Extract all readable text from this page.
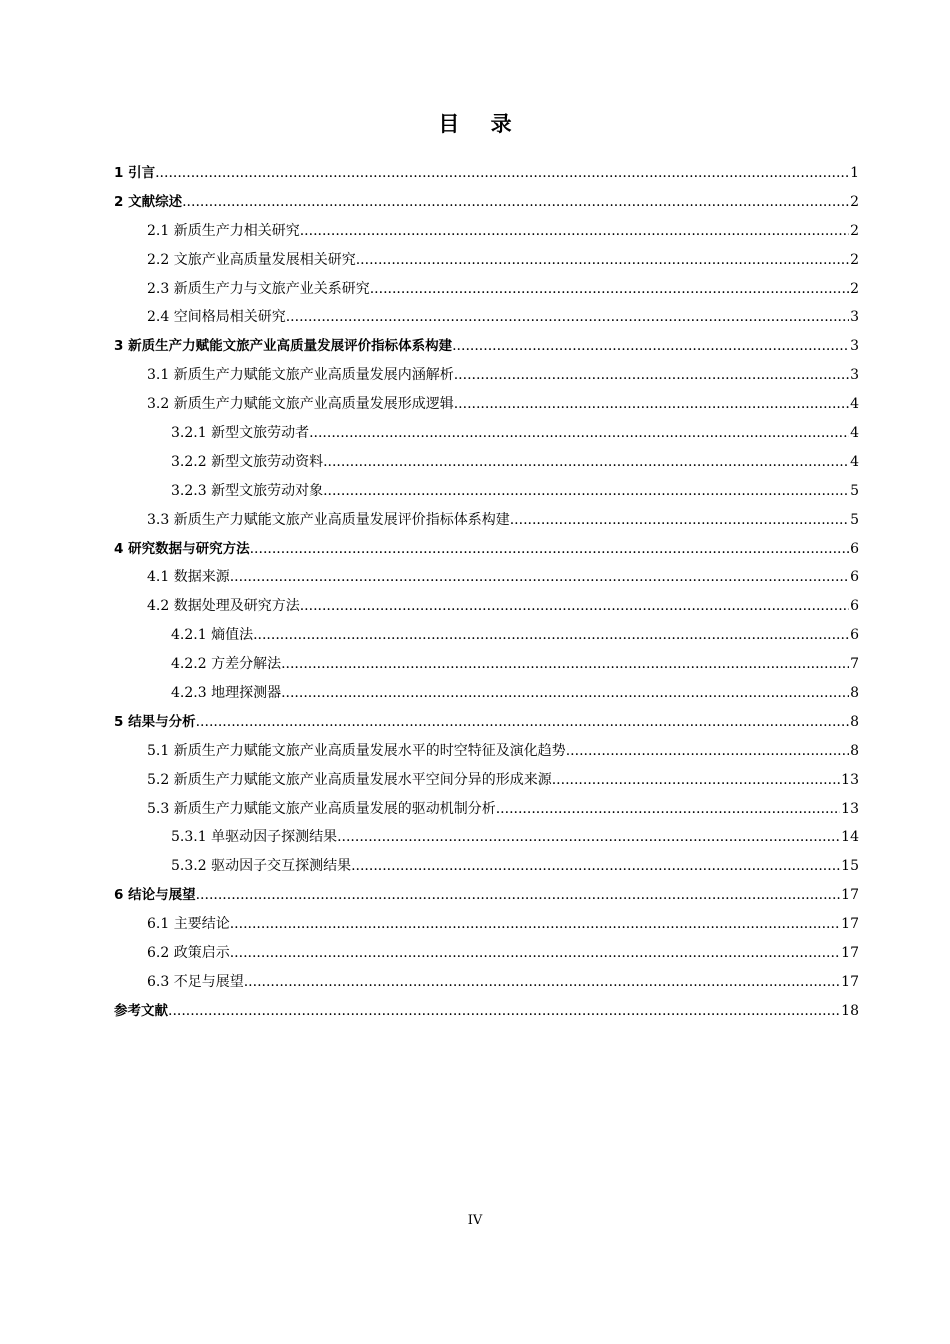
目 录
1 引言 .....	1
2 文献综述 .....	2
2.1 新质生产力相关研究 .....	2
2.2 文旅产业高质量发展相关研究 .....	2
2.3 新质生产力与文旅产业关系研究 .....	2
2.4 空间格局相关研究 .....	3
3 新质生产力赋能文旅产业高质量发展评价指标体系构建 .....	3
3.1 新质生产力赋能文旅产业高质量发展内涵解析 .....	3
3.2 新质生产力赋能文旅产业高质量发展形成逻辑 .....	4
3.2.1 新型文旅劳动者 .....	4
3.2.2 新型文旅劳动资料 .....	4
3.2.3 新型文旅劳动对象 .....	5
3.3 新质生产力赋能文旅产业高质量发展评价指标体系构建 .....	5
4 研究数据与研究方法 .....	6
4.1 数据来源 .....	6
4.2 数据处理及研究方法 .....	6
4.2.1 熵值法 .....	6
4.2.2 方差分解法 .....	7
4.2.3 地理探测器 .....	8
5 结果与分析 .....	8
5.1 新质生产力赋能文旅产业高质量发展水平的时空特征及演化趋势 .....	8
5.2 新质生产力赋能文旅产业高质量发展水平空间分异的形成来源 .....	13
5.3 新质生产力赋能文旅产业高质量发展的驱动机制分析 .....	13
5.3.1 单驱动因子探测结果 .....	14
5.3.2 驱动因子交互探测结果 .....	15
6 结论与展望 .....	17
6.1 主要结论 .....	17
6.2 政策启示 .....	17
6.3 不足与展望 .....	17
参考文献 .....	18

IV
